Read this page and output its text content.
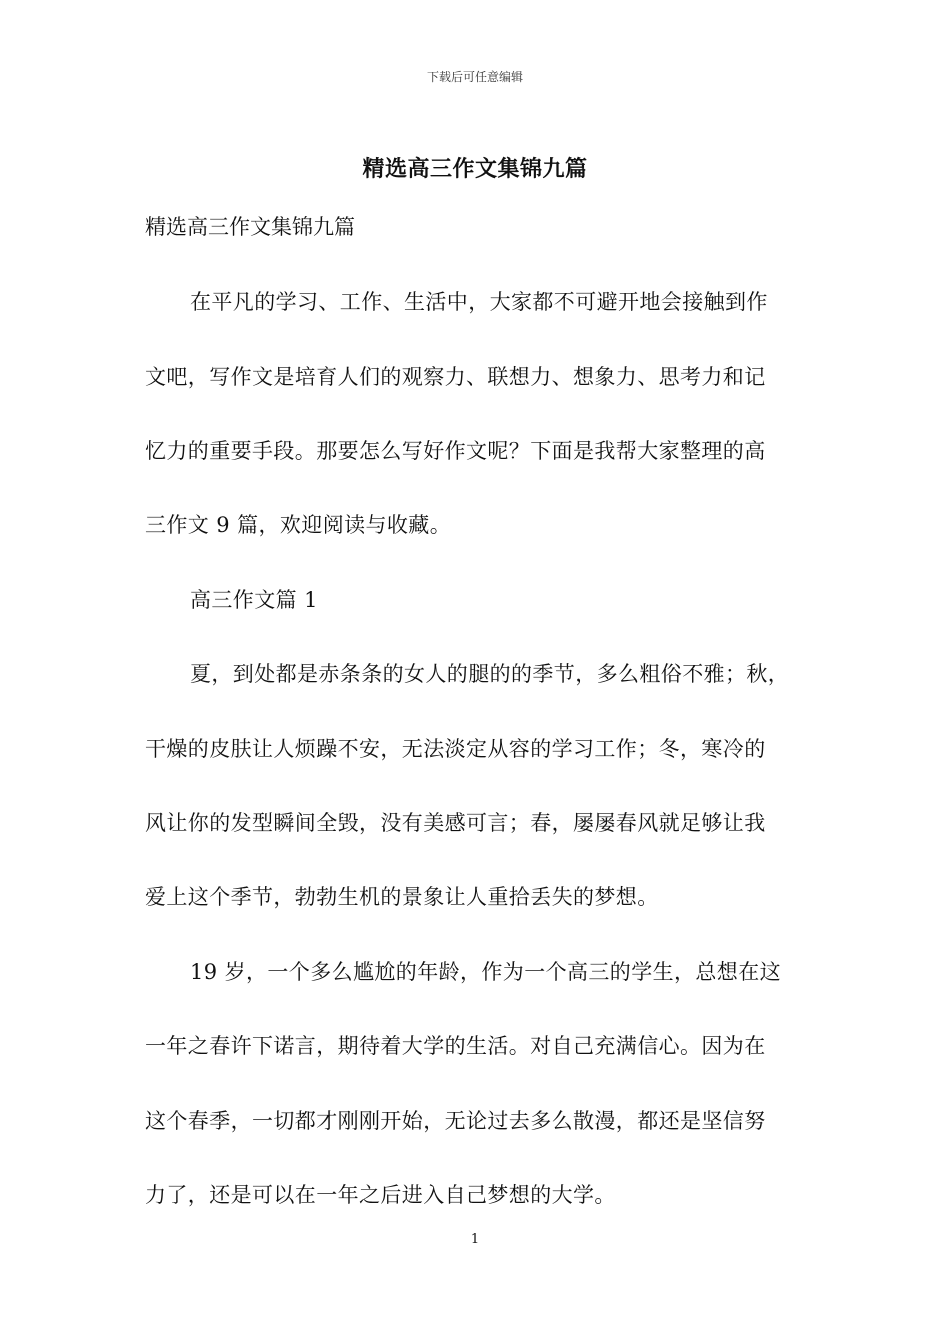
下载后可任意编辑
精选高三作文集锦九篇
精选高三作文集锦九篇
在平凡的学习、工作、生活中，大家都不可避开地会接触到作
文吧，写作文是培育人们的观察力、联想力、想象力、思考力和记
忆力的重要手段。那要怎么写好作文呢？下面是我帮大家整理的高
三作文 9 篇，欢迎阅读与收藏。
高三作文篇 1
夏，到处都是赤条条的女人的腿的的季节，多么粗俗不雅；秋，
干燥的皮肤让人烦躁不安，无法淡定从容的学习工作；冬，寒冷的
风让你的发型瞬间全毁，没有美感可言；春，屡屡春风就足够让我
爱上这个季节，勃勃生机的景象让人重拾丢失的梦想。
19 岁，一个多么尴尬的年龄，作为一个高三的学生，总想在这
一年之春许下诺言，期待着大学的生活。对自己充满信心。因为在
这个春季，一切都才刚刚开始，无论过去多么散漫，都还是坚信努
力了，还是可以在一年之后进入自己梦想的大学。
1
